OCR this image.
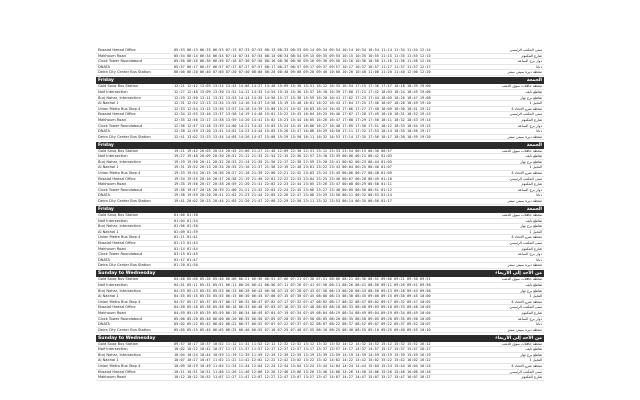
Ebsalat Heead Office	05:53 06:13 06:33 06:53 07:13 07:33 07:53 08:13 08:33 08:53 09:14 09:34 09:54 10:14 10:34 10:54 11:14 11:34 11:54 12:14	مبنى المكتب الرئيسي
Makhoum Road	05:54 06:14 06:34 06:54 07:14 07:34 07:54 08:14 08:34 08:54 09:15 09:35 09:55 10:15 10:35 10:55 11:15 11:35 11:55 12:15	شارع المكتوم
Clock Tower Roundabout	05:56 06:16 06:36 06:56 07:16 07:36 07:56 08:16 08:36 08:56 09:16 09:36 09:56 10:16 10:36 10:56 11:16 11:36 11:56 12:16	دوار برج الساعة
DNATA	05:57 06:17 06:37 06:57 07:17 07:37 07:57 08:17 08:37 08:57 09:17 09:37 09:57 10:17 10:37 10:57 11:17 11:37 11:57 12:17	دناتا
Deira City Center Bus Station	06:00 06:20 06:40 07:00 07:20 07:40 08:00 08:20 08:40 09:00 09:20 09:40 10:00 10:20 10:40 11:00 11:20 11:40 12:00 12:20	محطة ديرة سيتي سنتر
Friday	الجمعة
Gold Souq Bus Station	12:21 12:42 13:03 13:24 13:45 14:06 14:27 14:48 15:09 15:30 15:51 16:12 16:33 16:54 17:15 17:36 17:57 18:18 18:39 19:00	محطة حافلات سوق الذهب
Naif Intersection	12:27 12:48 13:09 13:30 13:51 14:12 14:33 14:54 15:15 15:36 15:57 16:18 16:39 17:00 17:21 17:42 18:03 18:24 18:45 19:06	تقاطع نايف
Burj Nahar, Intersection	12:29 12:50 13:11 13:32 13:53 14:14 14:35 14:56 15:17 15:38 15:59 16:20 16:41 17:02 17:23 17:44 18:05 18:26 18:47 19:08	تقاطع برج نهار
Al Nakhal 1	12:31 12:52 13:13 13:34 13:55 14:16 14:37 14:58 15:19 15:40 16:01 16:22 16:43 17:04 17:25 17:46 18:07 18:28 18:49 19:10	النخيل 1
Union Metro Bus Stop 4	12:33 12:54 13:15 13:36 13:57 14:18 14:39 15:00 15:21 15:42 16:03 16:24 16:45 17:06 17:27 17:48 18:09 18:30 18:51 19:12	محطة مترو الاتحاد 4
Ebsalat Heead Office	12:34 12:55 13:16 13:37 13:58 14:19 14:40 15:01 15:22 15:43 16:04 16:25 16:46 17:07 17:28 17:49 18:10 18:31 18:52 19:13	مبنى المكتب الرئيسي
Makhoum Road	12:35 12:56 13:17 13:38 13:59 14:20 14:41 15:02 15:23 15:44 16:05 16:26 16:47 17:08 17:29 17:50 18:11 18:32 18:53 19:14	شارع المكتوم
Clock Tower Roundabout	12:36 12:57 13:18 13:39 14:00 14:21 14:42 15:03 15:24 15:45 16:06 16:27 16:48 17:09 17:30 17:51 18:12 18:33 18:54 19:15	دوار برج الساعة
DNATA	12:38 12:59 13:20 13:41 14:02 14:23 14:44 15:05 15:26 15:47 16:08 16:29 16:50 17:11 17:32 17:53 18:14 18:35 18:56 19:17	دناتا
Deira City Center Bus Station	12:41 13:02 13:23 13:44 14:05 14:26 14:47 15:08 15:29 15:50 16:11 16:32 16:53 17:14 17:35 17:56 18:17 18:38 18:59 19:20	محطة ديرة سيتي سنتر
Friday	الجمعة
Gold Souq Bus Station	19:21 19:42 20:03 20:24 20:45 21:06 21:27 21:48 22:09 22:30 22:51 23:12 23:33 23:54 00:15 00:36 00:57	محطة حافلات سوق الذهب
Naif Intersection	19:27 19:48 20:09 20:30 20:51 21:12 21:33 21:54 22:15 22:36 22:57 23:18 23:39 00:00 00:21 00:42 01:03	تقاطع نايف
Burj Nahar, Intersection	19:29 19:50 20:11 20:32 20:53 21:14 21:35 21:56 22:17 22:38 22:59 23:20 23:41 00:02 00:23 00:44 01:05	تقاطع برج نهار
Al Nakhal 1	19:31 19:52 20:13 20:34 20:55 21:16 21:37 21:58 22:19 22:40 23:01 23:22 23:43 00:04 00:25 00:46 01:07	النخيل 1
Union Metro Bus Stop 4	19:33 19:54 20:15 20:36 20:57 21:18 21:39 22:00 22:21 22:42 23:03 23:24 23:45 00:06 00:27 00:48 01:09	محطة مترو الاتحاد 4
Ebsalat Heead Office	19:34 19:55 20:16 20:37 20:58 21:19 21:40 22:01 22:22 22:43 23:04 23:25 23:46 00:07 00:28 00:49 01:10	مبنى المكتب الرئيسي
Makhoum Road	19:35 19:56 20:17 20:38 20:59 21:20 21:41 22:02 22:23 22:44 23:05 23:26 23:47 00:08 00:29 00:50 01:11	شارع المكتوم
Clock Tower Roundabout	19:36 19:57 20:18 20:39 21:00 21:21 21:42 22:03 22:24 22:45 23:06 23:27 23:48 00:09 00:30 00:51 01:12	دوار برج الساعة
DNATA	19:38 19:59 20:20 20:41 21:02 21:23 21:44 22:05 22:26 22:47 23:08 23:29 23:50 00:11 00:32 00:53 01:14	دناتا
Deira City Center Bus Station	19:41 20:02 20:23 20:44 21:05 21:26 21:47 22:08 22:29 22:50 23:11 23:32 23:53 00:14 00:35 00:56 01:17	محطة ديرة سيتي سنتر
Friday	الجمعة
Gold Souq Bus Station	01:00 01:30	محطة حافلات سوق الذهب
Naif Intersection	01:04 01:34	تقاطع نايف
Burj Nahar, Intersection	01:06 01:36	تقاطع برج نهار
Al Nakhal 1	01:09 01:39	النخيل 1
Union Metro Bus Stop 4	01:11 01:41	محطة مترو الاتحاد 4
Ebsalat Heead Office	01:13 01:43	مبنى المكتب الرئيسي
Makhoum Road	01:14 01:44	شارع المكتوم
Clock Tower Roundabout	01:15 01:45	دوار برج الساعة
DNATA	01:17 01:47	دناتا
Deira City Center Bus Station	01:20 01:50	محطة ديرة سيتي سنتر
Sunday to Wednesday	من الأحد إلى الأربعاء
Gold Souq Bus Station	04:46 05:06 05:26 05:46 06:06 06:21 06:36 06:51 07:06 07:21 07:36 07:51 08:06 08:21 08:36 08:51 09:06 09:21 09:36 09:51	محطة حافلات سوق الذهب
Naif Intersection	04:51 05:11 05:31 05:51 06:11 06:26 06:41 06:56 07:11 07:26 07:41 07:56 08:11 08:26 08:41 08:56 09:11 09:26 09:41 09:56	تقاطع نايف
Burj Nahar, Intersection	04:53 05:13 05:33 05:53 06:13 06:28 06:43 06:58 07:13 07:28 07:43 07:58 08:13 08:28 08:43 08:58 09:13 09:28 09:43 09:58	تقاطع برج نهار
Al Nakhal 1	04:55 05:15 05:35 05:55 06:15 06:30 06:45 07:00 07:15 07:30 07:45 08:00 08:15 08:30 08:45 09:00 09:15 09:30 09:45 10:00	النخيل 1
Union Metro Bus Stop 4	04:57 05:17 05:37 05:57 06:17 06:32 06:47 07:02 07:17 07:32 07:47 08:02 08:17 08:32 08:47 09:02 09:17 09:32 09:47 10:02	محطة مترو الاتحاد 4
Ebsalat Heead Office	04:58 05:18 05:38 05:58 06:18 06:33 06:48 07:03 07:18 07:33 07:48 08:03 08:18 08:33 08:48 09:03 09:18 09:33 09:48 10:03	مبنى المكتب الرئيسي
Makhoum Road	04:59 05:19 05:39 05:59 06:19 06:34 06:49 07:04 07:19 07:34 07:49 08:04 08:19 08:34 08:49 09:04 09:19 09:34 09:49 10:04	شارع المكتوم
Clock Tower Roundabout	05:00 05:20 05:40 06:00 06:20 06:35 06:50 07:05 07:20 07:35 07:50 08:05 08:20 08:35 08:50 09:05 09:20 09:35 09:50 10:05	دوار برج الساعة
DNATA	05:02 05:22 05:42 06:02 06:22 06:37 06:52 07:07 07:22 07:37 07:52 08:07 08:22 08:37 08:52 09:07 09:22 09:37 09:52 10:07	دناتا
Deira City Center Bus Station	05:05 05:25 05:45 06:05 06:25 06:40 06:55 07:10 07:25 07:40 07:55 08:10 08:25 08:40 08:55 09:10 09:25 09:40 09:55 10:10	محطة ديرة سيتي سنتر
Sunday to Wednesday	من الأحد إلى الأربعاء
Gold Souq Bus Station	09:57 10:17 10:37 10:52 11:12 11:32 11:52 12:12 12:32 12:52 13:12 13:32 13:52 14:12 14:32 14:52 15:12 15:32 15:52 16:12	محطة حافلات سوق الذهب
Naif Intersection	10:02 10:22 10:42 10:57 11:17 11:37 11:57 12:17 12:37 12:57 13:17 13:37 13:57 14:17 14:37 14:57 15:17 15:37 15:57 16:17	تقاطع نايف
Burj Nahar, Intersection	10:04 10:24 10:44 10:59 11:19 11:39 11:59 12:19 12:39 12:59 13:19 13:39 13:59 14:19 14:39 14:59 15:19 15:39 15:59 16:19	تقاطع برج نهار
Al Nakhal 1	10:07 10:27 10:47 11:02 11:22 11:42 12:02 12:22 12:42 13:02 13:22 13:42 14:02 14:22 14:42 15:02 15:22 15:42 16:02 16:22	النخيل 1
Union Metro Bus Stop 4	10:09 10:29 10:49 11:04 11:24 11:44 12:04 12:24 12:44 13:04 13:24 13:44 14:04 14:24 14:44 15:04 15:24 15:44 16:04 16:24	محطة مترو الاتحاد 4
Ebsalat Heead Office	10:11 10:31 10:51 11:06 11:26 11:46 12:06 12:26 12:46 13:06 13:26 13:46 14:06 14:26 14:46 15:06 15:26 15:46 16:06 16:26	مبنى المكتب الرئيسي
Makhoum Road	10:12 10:32 10:52 11:07 11:27 11:47 12:07 12:27 12:47 13:07 13:27 13:47 14:07 14:27 14:47 15:07 15:27 15:47 16:07 16:27	شارع المكتوم
